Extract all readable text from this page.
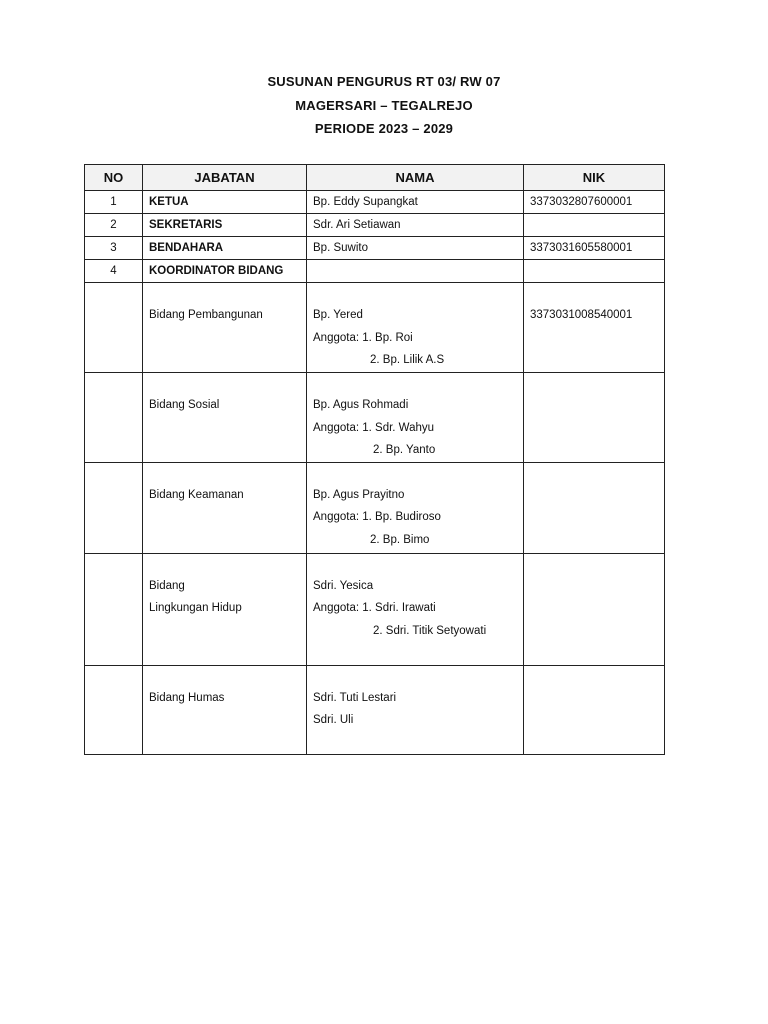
SUSUNAN PENGURUS RT 03/ RW 07
MAGERSARI – TEGALREJO
PERIODE 2023 – 2029
NO	JABATAN	NAMA	NIK
1	KETUA	Bp. Eddy Supangkat	3373032807600001
2	SEKRETARIS	Sdr. Ari Setiawan	
3	BENDAHARA	Bp. Suwito	3373031605580001
4	KOORDINATOR BIDANG		

	Bidang Pembangunan	Bp. Yered
Anggota: 1. Bp. Roi
2. Bp. Lilik A.S	3373031008540001

	Bidang Sosial	Bp. Agus Rohmadi
Anggota: 1. Sdr. Wahyu
2. Bp. Yanto	

	Bidang Keamanan	Bp. Agus Prayitno
Anggota: 1. Bp. Budiroso
2. Bp. Bimo	

	Bidang
Lingkungan Hidup	Sdri. Yesica
Anggota: 1. Sdri. Irawati
2. Sdri. Titik Setyowati	

	Bidang Humas	Sdri. Tuti Lestari
Sdri. Uli	
